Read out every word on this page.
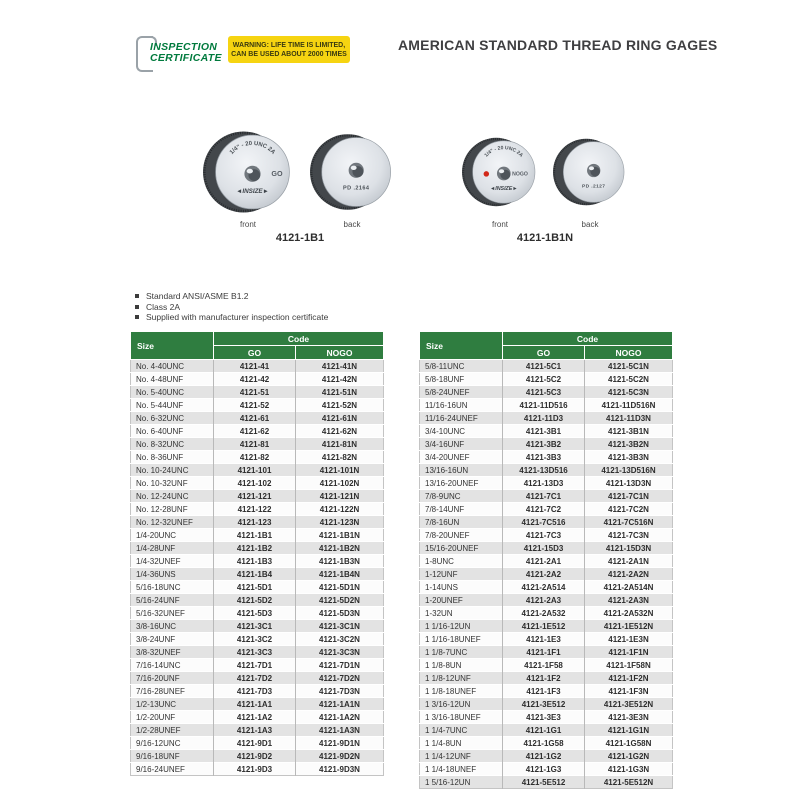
INSPECTION
CERTIFICATE
WARNING: LIFE TIME IS LIMITED,
CAN BE USED ABOUT 2000 TIMES
AMERICAN STANDARD THREAD RING GAGES
1/4" - 20 UNC 2A
GO
◄INSIZE►	PD .2164
1/4" - 20 UNC 2A
NOGO
◄INSIZE►	PD .2127
front	back	front	back
4121-1B1	4121-1B1N
Standard ANSI/ASME B1.2
Class 2A
Supplied with manufacturer inspection certificate
Size	Code	
	GO	NOGO
No. 4-40UNC	4121-41	4121-41N
No. 4-48UNF	4121-42	4121-42N
No. 5-40UNC	4121-51	4121-51N
No. 5-44UNF	4121-52	4121-52N
No. 6-32UNC	4121-61	4121-61N
No. 6-40UNF	4121-62	4121-62N
No. 8-32UNC	4121-81	4121-81N
No. 8-36UNF	4121-82	4121-82N
No. 10-24UNC	4121-101	4121-101N
No. 10-32UNF	4121-102	4121-102N
No. 12-24UNC	4121-121	4121-121N
No. 12-28UNF	4121-122	4121-122N
No. 12-32UNEF	4121-123	4121-123N
1/4-20UNC	4121-1B1	4121-1B1N
1/4-28UNF	4121-1B2	4121-1B2N
1/4-32UNEF	4121-1B3	4121-1B3N
1/4-36UNS	4121-1B4	4121-1B4N
5/16-18UNC	4121-5D1	4121-5D1N
5/16-24UNF	4121-5D2	4121-5D2N
5/16-32UNEF	4121-5D3	4121-5D3N
3/8-16UNC	4121-3C1	4121-3C1N
3/8-24UNF	4121-3C2	4121-3C2N
3/8-32UNEF	4121-3C3	4121-3C3N
7/16-14UNC	4121-7D1	4121-7D1N
7/16-20UNF	4121-7D2	4121-7D2N
7/16-28UNEF	4121-7D3	4121-7D3N
1/2-13UNC	4121-1A1	4121-1A1N
1/2-20UNF	4121-1A2	4121-1A2N
1/2-28UNEF	4121-1A3	4121-1A3N
9/16-12UNC	4121-9D1	4121-9D1N
9/16-18UNF	4121-9D2	4121-9D2N
9/16-24UNEF	4121-9D3	4121-9D3N
Size	Code	
	GO	NOGO
5/8-11UNC	4121-5C1	4121-5C1N
5/8-18UNF	4121-5C2	4121-5C2N
5/8-24UNEF	4121-5C3	4121-5C3N
11/16-16UN	4121-11D516	4121-11D516N
11/16-24UNEF	4121-11D3	4121-11D3N
3/4-10UNC	4121-3B1	4121-3B1N
3/4-16UNF	4121-3B2	4121-3B2N
3/4-20UNEF	4121-3B3	4121-3B3N
13/16-16UN	4121-13D516	4121-13D516N
13/16-20UNEF	4121-13D3	4121-13D3N
7/8-9UNC	4121-7C1	4121-7C1N
7/8-14UNF	4121-7C2	4121-7C2N
7/8-16UN	4121-7C516	4121-7C516N
7/8-20UNEF	4121-7C3	4121-7C3N
15/16-20UNEF	4121-15D3	4121-15D3N
1-8UNC	4121-2A1	4121-2A1N
1-12UNF	4121-2A2	4121-2A2N
1-14UNS	4121-2A514	4121-2A514N
1-20UNEF	4121-2A3	4121-2A3N
1-32UN	4121-2A532	4121-2A532N
1 1/16-12UN	4121-1E512	4121-1E512N
1 1/16-18UNEF	4121-1E3	4121-1E3N
1 1/8-7UNC	4121-1F1	4121-1F1N
1 1/8-8UN	4121-1F58	4121-1F58N
1 1/8-12UNF	4121-1F2	4121-1F2N
1 1/8-18UNEF	4121-1F3	4121-1F3N
1 3/16-12UN	4121-3E512	4121-3E512N
1 3/16-18UNEF	4121-3E3	4121-3E3N
1 1/4-7UNC	4121-1G1	4121-1G1N
1 1/4-8UN	4121-1G58	4121-1G58N
1 1/4-12UNF	4121-1G2	4121-1G2N
1 1/4-18UNEF	4121-1G3	4121-1G3N
1 5/16-12UN	4121-5E512	4121-5E512N
